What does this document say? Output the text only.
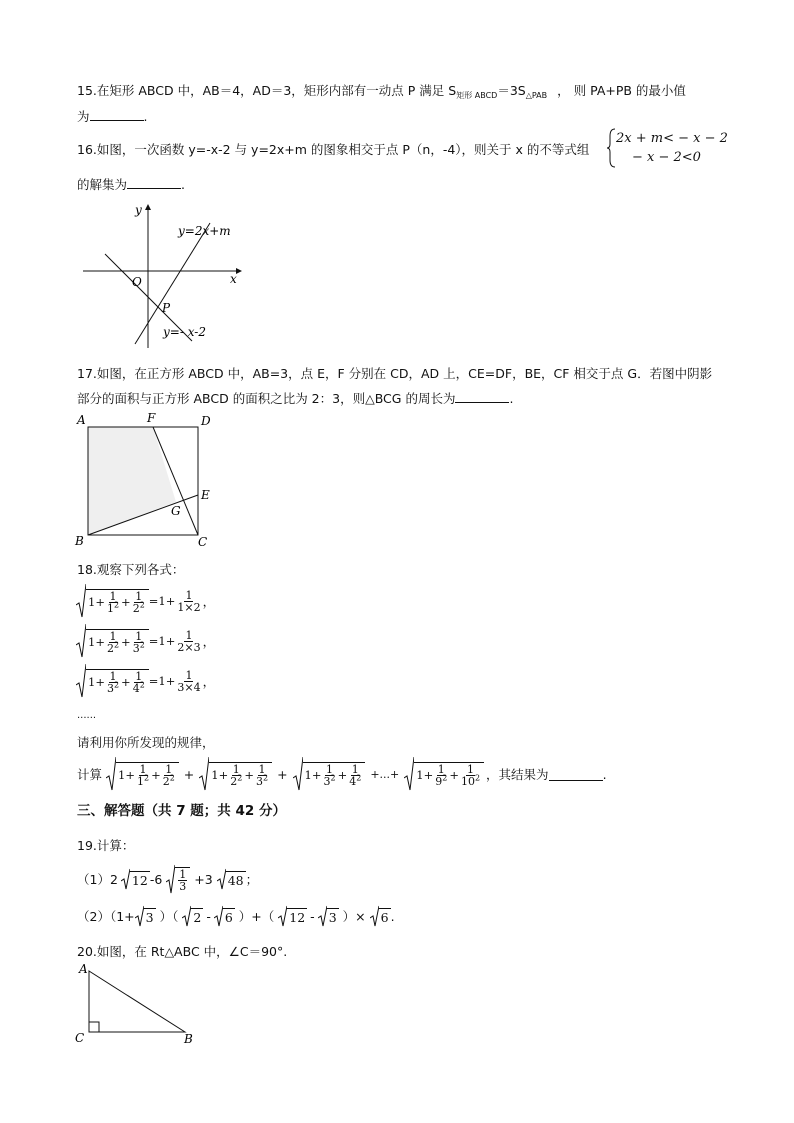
15.在矩形 ABCD 中，AB＝4，AD＝3，矩形内部有一动点 P 满足 $S_{矩形 ABCD}=3S_{\triangle PAB}$ ， 则 PA+PB 的最小值
为	.
16.如图，一次函数 y=-x-2 与 y=2x+m 的图象相交于点 P（n，-4），则关于 x 的不等式组
2x + m< − x − 2
− x − 2<0
的解集为	.
y
x
O
P
y=2x+m
y=- x-2
17.如图，在正方形 ABCD 中，AB=3，点 E，F 分别在 CD，AD 上，CE=DF，BE，CF 相交于点 G．若图中阴影
部分的面积与正方形 ABCD 的面积之比为 2：3，则△BCG 的周长为	.
A	F	D
E
G
B	C
18.观察下列各式：
$1+ \frac{1}{1^2} + \frac{1}{2^2} =1+ \frac{1}{1\times 2}$ ，
$1+ \frac{1}{2^2} + \frac{1}{3^2} =1+ \frac{1}{2\times 3}$ ，
$1+ \frac{1}{3^2} + \frac{1}{4^2} =1+ \frac{1}{3\times 4}$ ，
......
请利用你所发现的规律，
计算 $1+ \frac{1}{1^2} + \frac{1}{2^2} + 1+ \frac{1}{2^2} + \frac{1}{3^2} + 1+ \frac{1}{3^2} + \frac{1}{4^2}$ +...+ $1+ \frac{1}{9^2} + \frac{1}{10^2}$ ，其结果为	.
三、解答题（共 7 题；共 42 分）
19.计算：
（1）2 12 $-6 \frac{1}{3} +3$ 48 ；
（2）（1+ 3 ）（ 2 - 6 ）+（ 12 - 3 ）× 6 .
20.如图，在 Rt△ABC 中，∠C＝90°.
A
C	B
